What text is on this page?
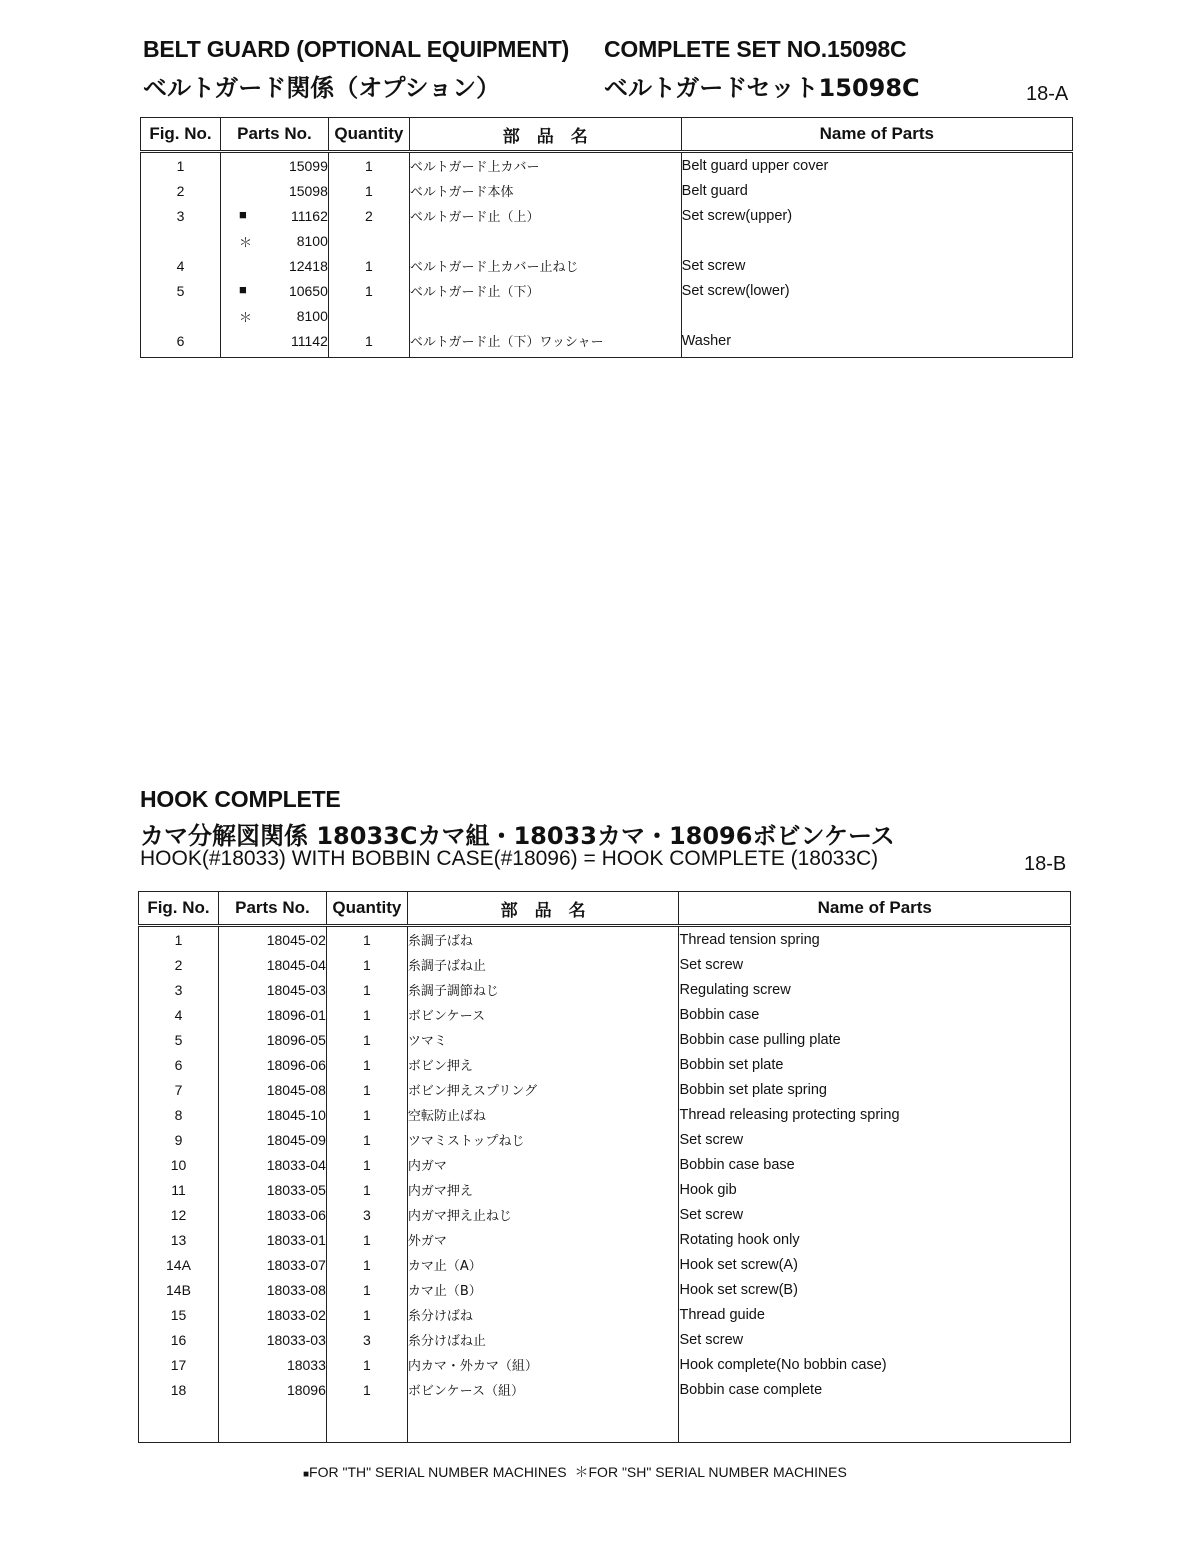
BELT GUARD (OPTIONAL EQUIPMENT) COMPLETE SET NO.15098C
ベルトガード関係（オプション）	ベルトガードセット15098C	18-A
Fig. No.	Parts No.	Quantity	部　品　名	Name of Parts
1	15099	1	ベルトガード上カバー	Belt guard upper cover
2	15098	1	ベルトガード本体	Belt guard
3	■ 11162	2	ベルトガード止（上）	Set screw(upper)

	＊ 8100			
4	12418	1	ベルトガード上カバー止ねじ	Set screw
5	■ 10650	1	ベルトガード止（下）	Set screw(lower)

	＊ 8100			
6	11142	1	ベルトガード止（下）ワッシャー	Washer
HOOK COMPLETE
カマ分解図関係 18033Cカマ組・18033カマ・18096ボビンケース
HOOK(#18033) WITH BOBBIN CASE(#18096) = HOOK COMPLETE (18033C)	18-B
Fig. No.	Parts No.	Quantity	部　品　名	Name of Parts
1	18045-02	1	糸調子ばね	Thread tension spring
2	18045-04	1	糸調子ばね止	Set screw
3	18045-03	1	糸調子調節ねじ	Regulating screw
4	18096-01	1	ボビンケース	Bobbin case
5	18096-05	1	ツマミ	Bobbin case pulling plate
6	18096-06	1	ボビン押え	Bobbin set plate
7	18045-08	1	ボビン押えスプリング	Bobbin set plate spring
8	18045-10	1	空転防止ばね	Thread releasing protecting spring
9	18045-09	1	ツマミストップねじ	Set screw
10	18033-04	1	内ガマ	Bobbin case base
11	18033-05	1	内ガマ押え	Hook gib
12	18033-06	3	内ガマ押え止ねじ	Set screw
13	18033-01	1	外ガマ	Rotating hook only
14A	18033-07	1	カマ止（A）	Hook set screw(A)
14B	18033-08	1	カマ止（B）	Hook set screw(B)
15	18033-02	1	糸分けばね	Thread guide
16	18033-03	3	糸分けばね止	Set screw
17	18033	1	内カマ・外カマ（組）	Hook complete(No bobbin case)
18	18096	1	ボビンケース（組）	Bobbin case complete

■FOR "TH" SERIAL NUMBER MACHINES ＊FOR "SH" SERIAL NUMBER MACHINES
